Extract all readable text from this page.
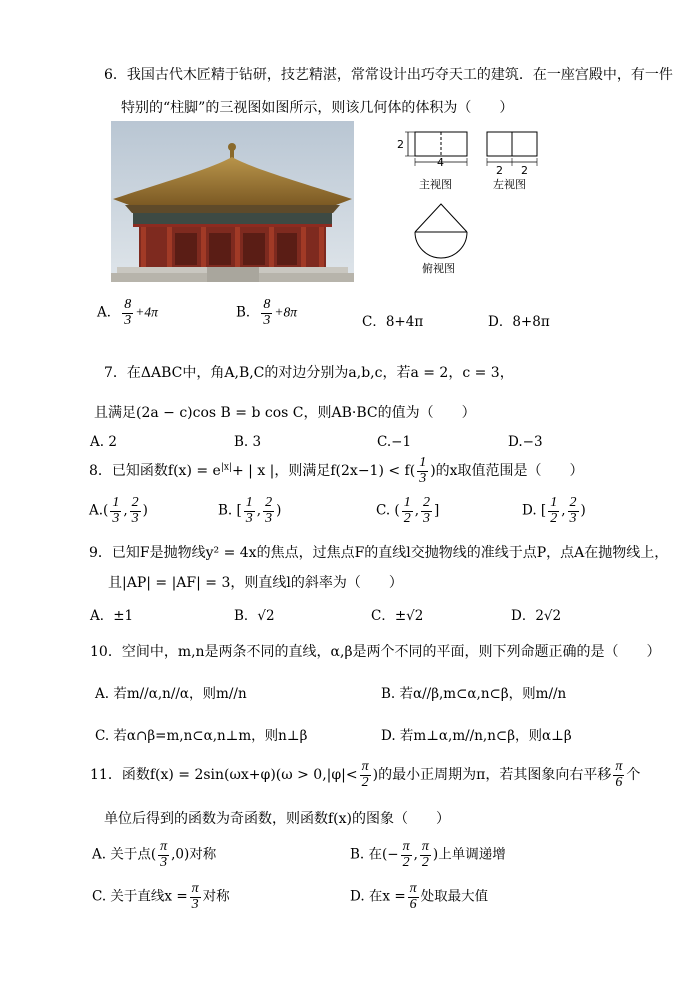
6．我国古代木匠精于钻研，技艺精湛，常常设计出巧夺天工的建筑．在一座宫殿中，有一件
特别的“柱脚”的三视图如图所示，则该几何体的体积为（　　）
2
4
主视图
2 2
左视图
俯视图
A． $\frac{8}{3} +4\pi$	B． $\frac{8}{3} +8\pi$
C．8+4π	D．8+8π
7．在ΔABC中，角A,B,C的对边分别为a,b,c，若a = 2，c = 3，
且满足(2a − c)cos B = b cos C，则AB·BC的值为（　　）
A. 2	B. 3	C.−1	D.−3
8．已知函数$f(x) = e^{|x|}+$ | x |，则满足$f(2x-1) < f( \frac{1}{3}$ )的x取值范围是（　　）
$A.( \frac{1}{3}$ , $\frac{2}{3}$ )	B. [ $\frac{1}{3}$ , $\frac{2}{3}$ )	C. ( $\frac{1}{2}$ , $\frac{2}{3}$ ]	D. [ $\frac{1}{2}$ , $\frac{2}{3}$ )
9．已知F是抛物线y² = 4x的焦点，过焦点F的直线l交抛物线的准线于点P，点A在抛物线上，
且|AP| = |AF| = 3，则直线l的斜率为（　　）
A．±1	B．√2	C．±√2	D．2√2
10．空间中，m,n是两条不同的直线，α,β是两个不同的平面，则下列命题正确的是（　　）
A. 若m//α,n//α，则m//n	B. 若α//β,m⊂α,n⊂β，则m//n
C. 若α∩β=m,n⊂α,n⊥m，则n⊥β	D. 若m⊥α,m//n,n⊂β，则α⊥β
11．函数$f(x) = 2\sin(\omega x+\varphi)(\omega > 0,|\varphi|< \frac{\pi}{2}$ )的最小正周期为π，若其图象向右平移 $\frac{\pi}{6}$ 个
单位后得到的函数为奇函数，则函数f(x)的图象（　　）
A. 关于点( $\frac{\pi}{3} ,0$)对称	B. 在(− $\frac{\pi}{2}$ , $\frac{\pi}{2}$ )上单调递增
C. 关于直线$x = \frac{\pi}{3}$ 对称	D. 在$x = \frac{\pi}{6}$ 处取最大值
